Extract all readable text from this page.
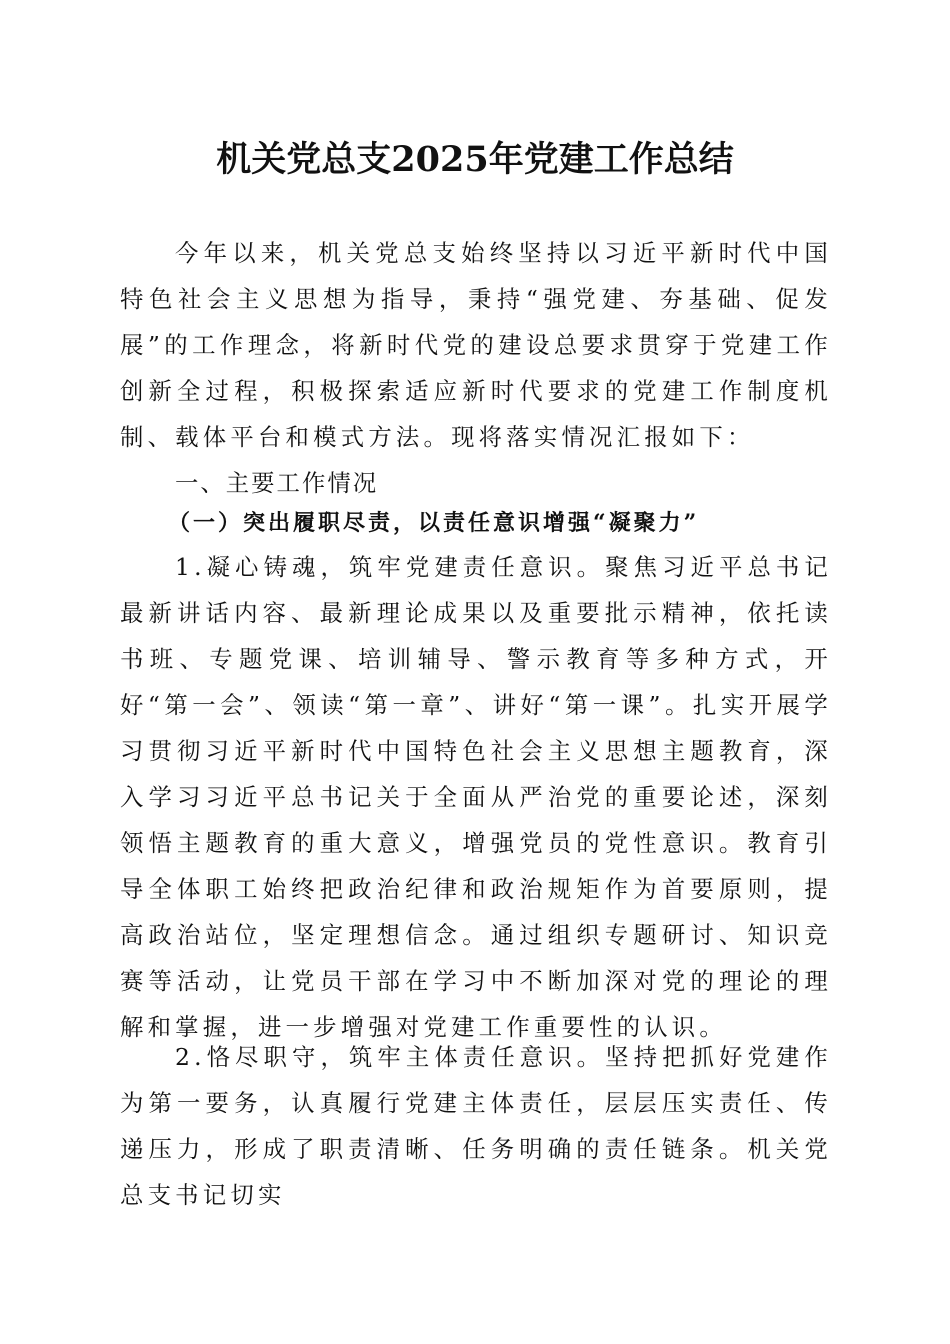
机关党总支2025年党建工作总结

今年以来，机关党总支始终坚持以习近平新时代中国特色社会主义思想为指导，秉持“强党建、夯基础、促发展”的工作理念，将新时代党的建设总要求贯穿于党建工作创新全过程，积极探索适应新时代要求的党建工作制度机制、载体平台和模式方法。现将落实情况汇报如下：

一、主要工作情况

（一）突出履职尽责，以责任意识增强“凝聚力”

1.凝心铸魂，筑牢党建责任意识。聚焦习近平总书记最新讲话内容、最新理论成果以及重要批示精神，依托读书班、专题党课、培训辅导、警示教育等多种方式，开好“第一会”、领读“第一章”、讲好“第一课”。扎实开展学习贯彻习近平新时代中国特色社会主义思想主题教育，深入学习习近平总书记关于全面从严治党的重要论述，深刻领悟主题教育的重大意义，增强党员的党性意识。教育引导全体职工始终把政治纪律和政治规矩作为首要原则，提高政治站位，坚定理想信念。通过组织专题研讨、知识竞赛等活动，让党员干部在学习中不断加深对党的理论的理解和掌握，进一步增强对党建工作重要性的认识。

2.恪尽职守，筑牢主体责任意识。坚持把抓好党建作为第一要务，认真履行党建主体责任，层层压实责任、传递压力，形成了职责清晰、任务明确的责任链条。机关党总支书记切实
